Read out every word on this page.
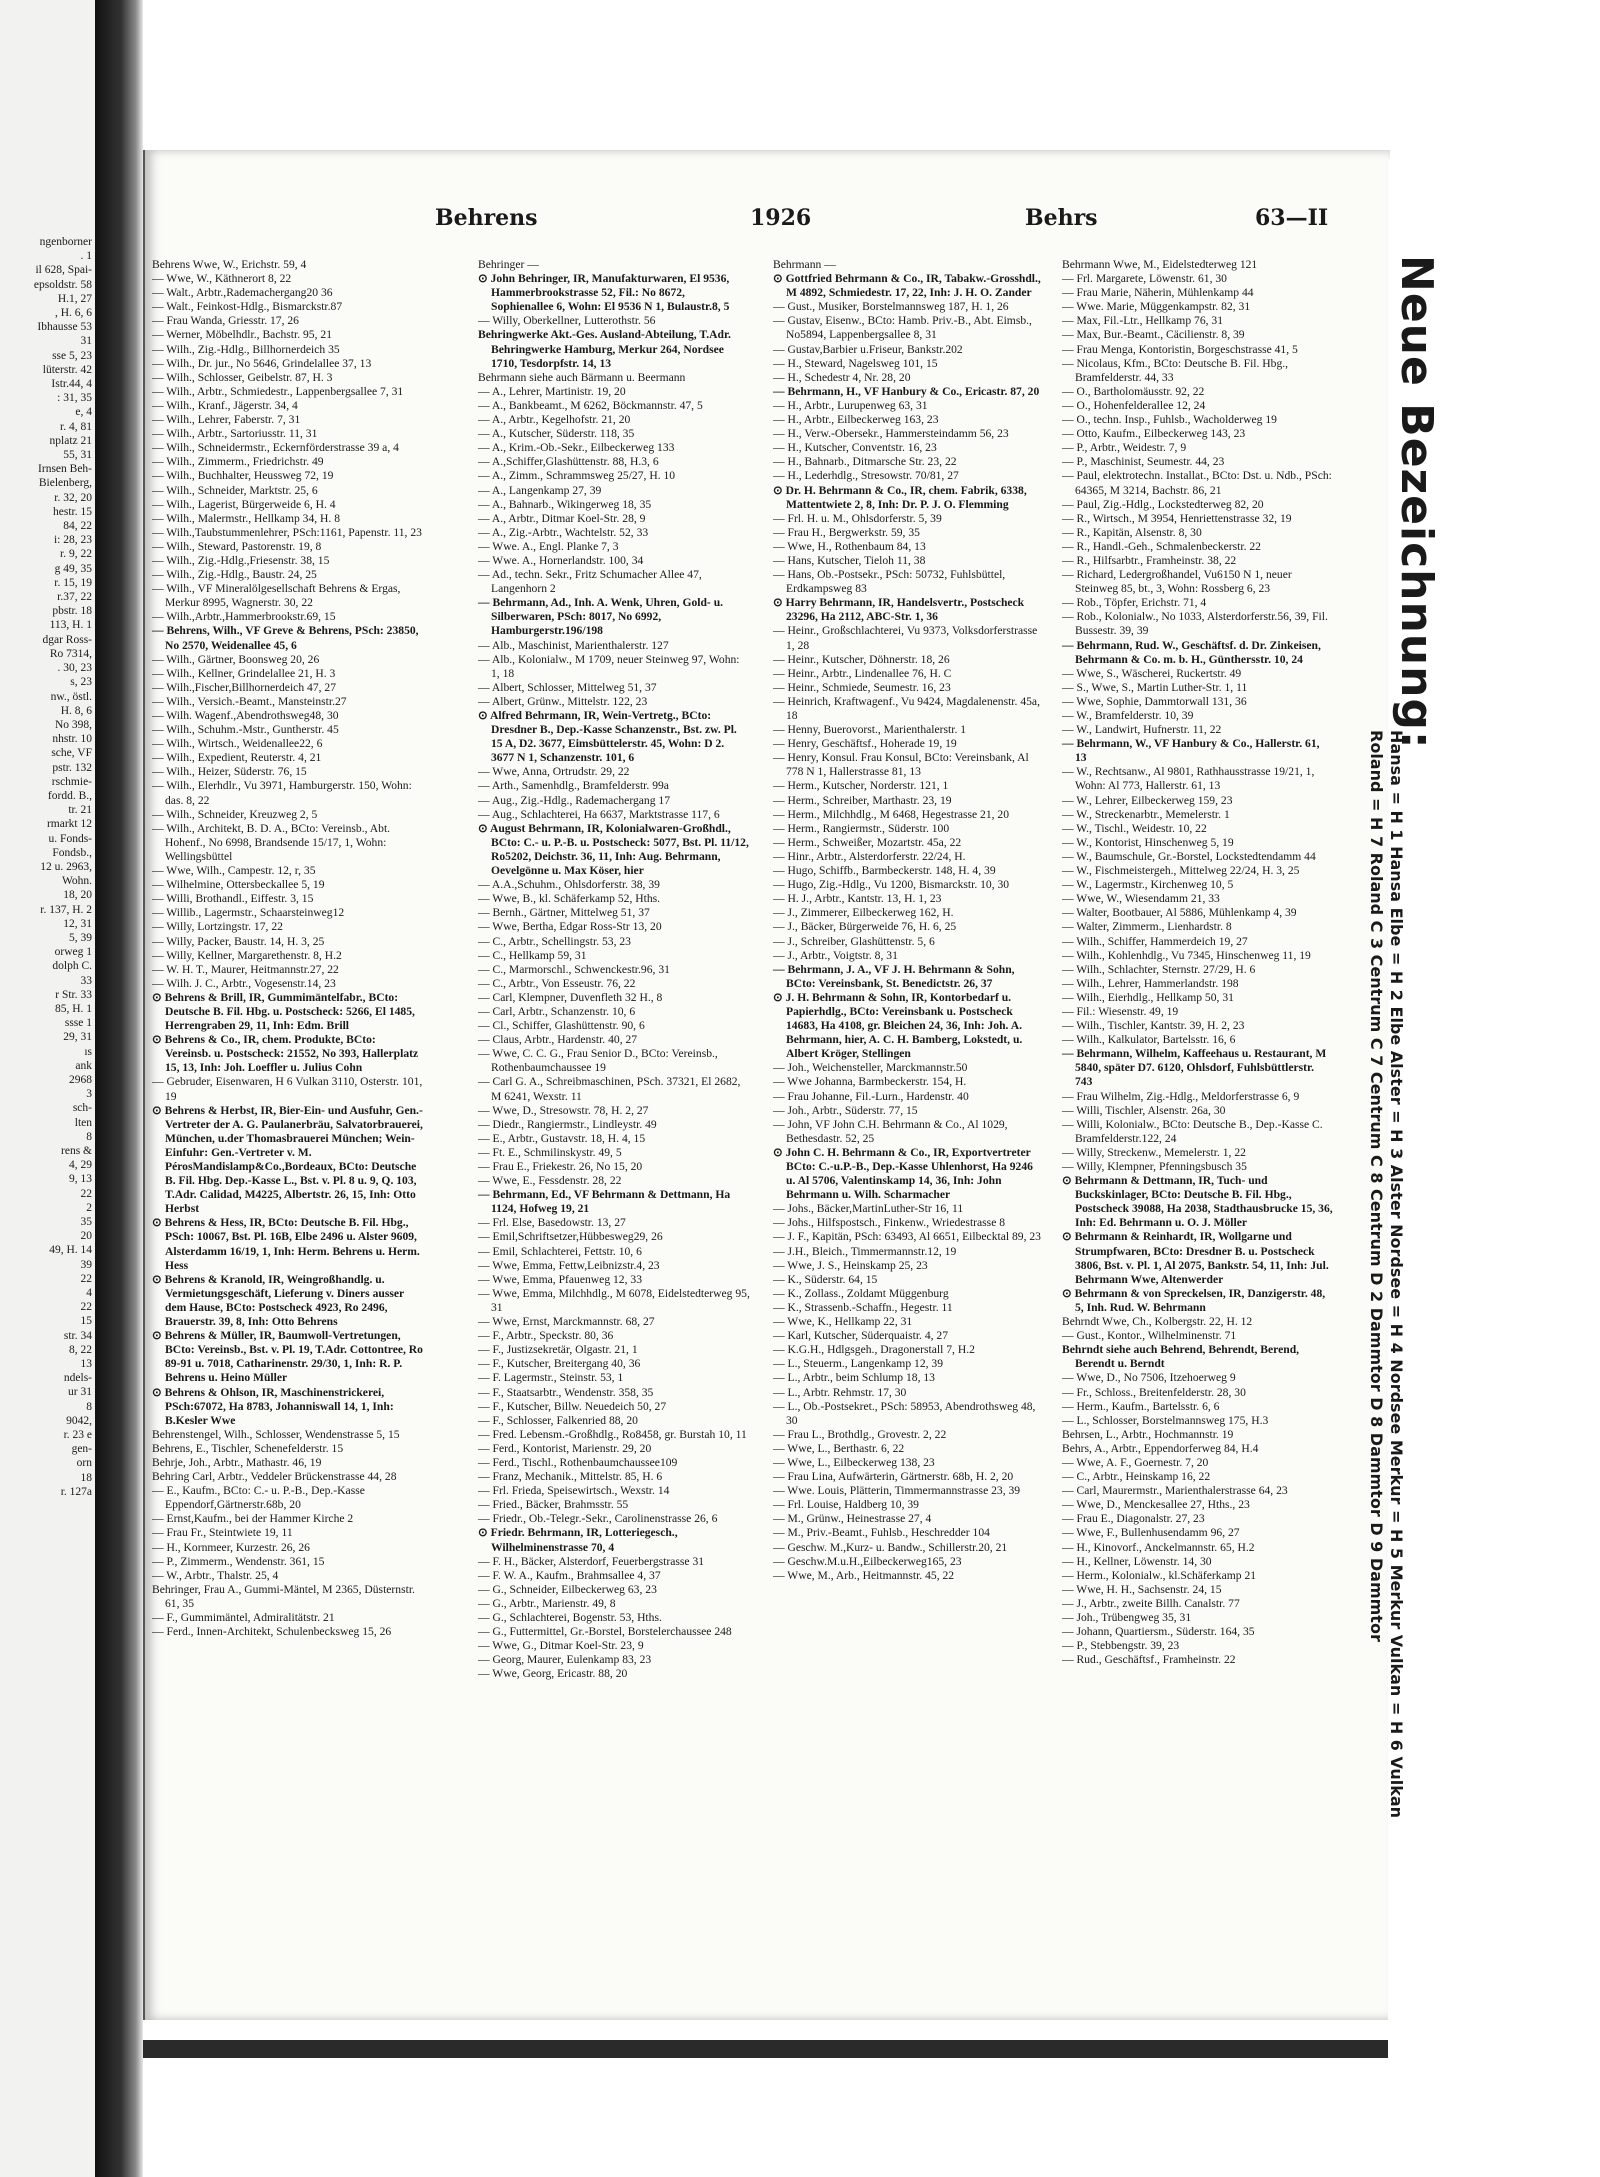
ngenborner
. 1
il 628, Spai-
epsoldstr. 58
H.1, 27
, H. 6, 6
Ibhausse 53
31
sse 5, 23
lüterstr. 42
Istr.44, 4
: 31, 35
e, 4
r. 4, 81
nplatz 21
55, 31
Irnsen Beh-
Bielenberg,
r. 32, 20
hestr. 15
84, 22
i: 28, 23
r. 9, 22
g 49, 35
r. 15, 19
r.37, 22
pbstr. 18
113, H. 1
dgar Ross-
Ro 7314,
. 30, 23
s, 23
nw., östl.
H. 8, 6
No 398,
nhstr. 10
sche, VF
pstr. 132
rschmie-
fordd. B.,
tr. 21
rmarkt 12
u. Fonds-
Fondsb.,
12 u. 2963,
Wohn.
18, 20
r. 137, H. 2
12, 31
5, 39
orweg 1
dolph C.
33
r Str. 33
85, H. 1
ssse 1
29, 31
ıs
ank
2968
3
sch-
lten
8
rens &
4, 29
9, 13
22
2
35
20
49, H. 14
39
22
4
22
15
str. 34
8, 22
13
ndels-
ur 31
8
9042,
r. 23 e
gen-
orn
18
r. 127a
Behrens	1926	Behrs	63—II
Behrens Wwe, W., Erichstr. 59, 4
— Wwe, W., Käthnerort 8, 22
— Walt., Arbtr.,Rademachergang20 36
— Walt., Feinkost-Hdlg., Bismarckstr.87
— Frau Wanda, Griesstr. 17, 26
— Werner, Möbelhdlr., Bachstr. 95, 21
— Wilh., Zig.-Hdlg., Billhornerdeich 35
— Wilh., Dr. jur., No 5646, Grindelallee 37, 13
— Wilh., Schlosser, Geibelstr. 87, H. 3
— Wilh., Arbtr., Schmiedestr., Lappenbergsallee 7, 31
— Wilh., Kranf., Jägerstr. 34, 4
— Wilh., Lehrer, Faberstr. 7, 31
— Wilh., Arbtr., Sartoriusstr. 11, 31
— Wilh., Schneidermstr., Eckernförderstrasse 39 a, 4
— Wilh., Zimmerm., Friedrichstr. 49
— Wilh., Buchhalter, Heussweg 72, 19
— Wilh., Schneider, Marktstr. 25, 6
— Wilh., Lagerist, Bürgerweide 6, H. 4
— Wilh., Malermstr., Hellkamp 34, H. 8
— Wilh.,Taubstummenlehrer, PSch:1161, Papenstr. 11, 23
— Wilh., Steward, Pastorenstr. 19, 8
— Wilh., Zig.-Hdlg.,Friesenstr. 38, 15
— Wilh., Zig.-Hdlg., Baustr. 24, 25
— Wilh., VF Mineralölgesellschaft Behrens & Ergas, Merkur 8995, Wagnerstr. 30, 22
— Wilh.,Arbtr.,Hammerbrookstr.69, 15
— Behrens, Wilh., VF Greve & Behrens, PSch: 23850, No 2570, Weidenallee 45, 6
— Wilh., Gärtner, Boonsweg 20, 26
— Wilh., Kellner, Grindelallee 21, H. 3
— Wilh.,Fischer,Billhornerdeich 47, 27
— Wilh., Versich.-Beamt., Mansteinstr.27
— Wilh. Wagenf.,Abendrothsweg48, 30
— Wilh., Schuhm.-Mstr., Guntherstr. 45
— Wilh., Wirtsch., Weidenallee22, 6
— Wilh., Expedient, Reuterstr. 4, 21
— Wilh., Heizer, Süderstr. 76, 15
— Wilh., Elerhdlr., Vu 3971, Hamburgerstr. 150, Wohn: das. 8, 22
— Wilh., Schneider, Kreuzweg 2, 5
— Wilh., Architekt, B. D. A., BCto: Vereinsb., Abt. Hohenf., No 6998, Brandsende 15/17, 1, Wohn: Wellingsbüttel
— Wwe, Wilh., Campestr. 12, r, 35
— Wilhelmine, Ottersbeckallee 5, 19
— Willi, Brothandl., Eiffestr. 3, 15
— Willib., Lagermstr., Schaarsteinweg12
— Willy, Lortzingstr. 17, 22
— Willy, Packer, Baustr. 14, H. 3, 25
— Willy, Kellner, Margarethenstr. 8, H.2
— W. H. T., Maurer, Heitmannstr.27, 22
— Wilh. J. C., Arbtr., Vogesenstr.14, 23
⊙ Behrens & Brill, IR, Gummimäntelfabr., BCto: Deutsche B. Fil. Hbg. u. Postscheck: 5266, El 1485, Herrengraben 29, 11, Inh: Edm. Brill
⊙ Behrens & Co., IR, chem. Produkte, BCto: Vereinsb. u. Postscheck: 21552, No 393, Hallerplatz 15, 13, Inh: Joh. Loeffler u. Julius Cohn
— Gebruder, Eisenwaren, H 6 Vulkan 3110, Osterstr. 101, 19
⊙ Behrens & Herbst, IR, Bier-Ein- und Ausfuhr, Gen.-Vertreter der A. G. Paulanerbräu, Salvatorbrauerei, München, u.der Thomasbrauerei München; Wein-Einfuhr: Gen.-Vertreter v. M. PérosMandislamp&Co.,Bordeaux, BCto: Deutsche B. Fil. Hbg. Dep.-Kasse L., Bst. v. Pl. 8 u. 9, Q. 103, T.Adr. Calidad, M4225, Albertstr. 26, 15, Inh: Otto Herbst
⊙ Behrens & Hess, IR, BCto: Deutsche B. Fil. Hbg., PSch: 10067, Bst. Pl. 16B, Elbe 2496 u. Alster 9609, Alsterdamm 16/19, 1, Inh: Herm. Behrens u. Herm. Hess
⊙ Behrens & Kranold, IR, Weingroßhandlg. u. Vermietungsgeschäft, Lieferung v. Diners ausser dem Hause, BCto: Postscheck 4923, Ro 2496, Brauerstr. 39, 8, Inh: Otto Behrens
⊙ Behrens & Müller, IR, Baumwoll-Vertretungen, BCto: Vereinsb., Bst. v. Pl. 19, T.Adr. Cottontree, Ro 89-91 u. 7018, Catharinenstr. 29/30, 1, Inh: R. P. Behrens u. Heino Müller
⊙ Behrens & Ohlson, IR, Maschinenstrickerei, PSch:67072, Ha 8783, Johanniswall 14, 1, Inh: B.Kesler Wwe
Behrenstengel, Wilh., Schlosser, Wendenstrasse 5, 15
Behrens, E., Tischler, Schenefelderstr. 15
Behrje, Joh., Arbtr., Mathastr. 46, 19
Behring Carl, Arbtr., Veddeler Brückenstrasse 44, 28
— E., Kaufm., BCto: C.- u. P.-B., Dep.-Kasse Eppendorf,Gärtnerstr.68b, 20
— Ernst,Kaufm., bei der Hammer Kirche 2
— Frau Fr., Steintwiete 19, 11
— H., Kornmeer, Kurzestr. 26, 26
— P., Zimmerm., Wendenstr. 361, 15
— W., Arbtr., Thalstr. 25, 4
Behringer, Frau A., Gummi-Mäntel, M 2365, Düsternstr. 61, 35
— F., Gummimäntel, Admiralitätstr. 21
— Ferd., Innen-Architekt, Schulenbecksweg 15, 26
Behringer —
⊙ John Behringer, IR, Manufakturwaren, El 9536, Hammerbrookstrasse 52, Fil.: No 8672, Sophienallee 6, Wohn: El 9536 N 1, Bulaustr.8, 5
— Willy, Oberkellner, Lutterothstr. 56
Behringwerke Akt.-Ges. Ausland-Abteilung, T.Adr. Behringwerke Hamburg, Merkur 264, Nordsee 1710, Tesdorpfstr. 14, 13
Behrmann siehe auch Bärmann u. Beermann
— A., Lehrer, Martinistr. 19, 20
— A., Bankbeamt., M 6262, Böckmannstr. 47, 5
— A., Arbtr., Kegelhofstr. 21, 20
— A., Kutscher, Süderstr. 118, 35
— A., Krim.-Ob.-Sekr., Eilbeckerweg 133
— A.,Schiffer,Glashüttenstr. 88, H.3, 6
— A., Zimm., Schrammsweg 25/27, H. 10
— A., Langenkamp 27, 39
— A., Bahnarb., Wikingerweg 18, 35
— A., Arbtr., Ditmar Koel-Str. 28, 9
— A., Zig.-Arbtr., Wachtelstr. 52, 33
— Wwe. A., Engl. Planke 7, 3
— Wwe. A., Hornerlandstr. 100, 34
— Ad., techn. Sekr., Fritz Schumacher Allee 47, Langenhorn 2
— Behrmann, Ad., Inh. A. Wenk, Uhren, Gold- u. Silberwaren, PSch: 8017, No 6992, Hamburgerstr.196/198
— Alb., Maschinist, Marienthalerstr. 127
— Alb., Kolonialw., M 1709, neuer Steinweg 97, Wohn: 1, 18
— Albert, Schlosser, Mittelweg 51, 37
— Albert, Grünw., Mittelstr. 122, 23
⊙ Alfred Behrmann, IR, Wein-Vertretg., BCto: Dresdner B., Dep.-Kasse Schanzenstr., Bst. zw. Pl. 15 A, D2. 3677, Eimsbüttelerstr. 45, Wohn: D 2. 3677 N 1, Schanzenstr. 101, 6
— Wwe, Anna, Ortrudstr. 29, 22
— Arth., Samenhdlg., Bramfelderstr. 99a
— Aug., Zig.-Hdlg., Rademachergang 17
— Aug., Schlachterei, Ha 6637, Marktstrasse 117, 6
⊙ August Behrmann, IR, Kolonialwaren-Großhdl., BCto: C.- u. P.-B. u. Postscheck: 5077, Bst. Pl. 11/12, Ro5202, Deichstr. 36, 11, Inh: Aug. Behrmann, Oevelgönne u. Max Köser, hier
— A.A.,Schuhm., Ohlsdorferstr. 38, 39
— Wwe, B., kl. Schäferkamp 52, Hths.
— Bernh., Gärtner, Mittelweg 51, 37
— Wwe, Bertha, Edgar Ross-Str 13, 20
— C., Arbtr., Schellingstr. 53, 23
— C., Hellkamp 59, 31
— C., Marmorschl., Schwenckestr.96, 31
— C., Arbtr., Von Esseustr. 76, 22
— Carl, Klempner, Duvenfleth 32 H., 8
— Carl, Arbtr., Schanzenstr. 10, 6
— Cl., Schiffer, Glashüttenstr. 90, 6
— Claus, Arbtr., Hardenstr. 40, 27
— Wwe, C. C. G., Frau Senior D., BCto: Vereinsb., Rothenbaumchaussee 19
— Carl G. A., Schreibmaschinen, PSch. 37321, El 2682, M 6241, Wexstr. 11
— Wwe, D., Stresowstr. 78, H. 2, 27
— Diedr., Rangiermstr., Lindleystr. 49
— E., Arbtr., Gustavstr. 18, H. 4, 15
— Ft. E., Schmilinskystr. 49, 5
— Frau E., Friekestr. 26, No 15, 20
— Wwe, E., Fessdenstr. 28, 22
— Behrmann, Ed., VF Behrmann & Dettmann, Ha 1124, Hofweg 19, 21
— Frl. Else, Basedowstr. 13, 27
— Emil,Schriftsetzer,Hübbesweg29, 26
— Emil, Schlachterei, Fettstr. 10, 6
— Wwe, Emma, Fettw,Leibnizstr.4, 23
— Wwe, Emma, Pfauenweg 12, 33
— Wwe, Emma, Milchhdlg., M 6078, Eidelstedterweg 95, 31
— Wwe, Ernst, Marckmannstr. 68, 27
— F., Arbtr., Speckstr. 80, 36
— F., Justizsekretär, Olgastr. 21, 1
— F., Kutscher, Breitergang 40, 36
— F. Lagermstr., Steinstr. 53, 1
— F., Staatsarbtr., Wendenstr. 358, 35
— F., Kutscher, Billw. Neuedeich 50, 27
— F., Schlosser, Falkenried 88, 20
— Fred. Lebensm.-Großhdlg., Ro8458, gr. Burstah 10, 11
— Ferd., Kontorist, Marienstr. 29, 20
— Ferd., Tischl., Rothenbaumchaussee109
— Franz, Mechanik., Mittelstr. 85, H. 6
— Frl. Frieda, Speisewirtsch., Wexstr. 14
— Fried., Bäcker, Brahmsstr. 55
— Friedr., Ob.-Telegr.-Sekr., Carolinenstrasse 26, 6
⊙ Friedr. Behrmann, IR, Lotteriegesch., Wilhelminenstrasse 70, 4
— F. H., Bäcker, Alsterdorf, Feuerbergstrasse 31
— F. W. A., Kaufm., Brahmsallee 4, 37
— G., Schneider, Eilbeckerweg 63, 23
— G., Arbtr., Marienstr. 49, 8
— G., Schlachterei, Bogenstr. 53, Hths.
— G., Futtermittel, Gr.-Borstel, Borstelerchaussee 248
— Wwe, G., Ditmar Koel-Str. 23, 9
— Georg, Maurer, Eulenkamp 83, 23
— Wwe, Georg, Ericastr. 88, 20
Behrmann —
⊙ Gottfried Behrmann & Co., IR, Tabakw.-Grosshdl., M 4892, Schmiedestr. 17, 22, Inh: J. H. O. Zander
— Gust., Musiker, Borstelmannsweg 187, H. 1, 26
— Gustav, Eisenw., BCto: Hamb. Priv.-B., Abt. Eimsb., No5894, Lappenbergsallee 8, 31
— Gustav,Barbier u.Friseur, Bankstr.202
— H., Steward, Nagelsweg 101, 15
— H., Schedestr 4, Nr. 28, 20
— Behrmann, H., VF Hanbury & Co., Ericastr. 87, 20
— H., Arbtr., Lurupenweg 63, 31
— H., Arbtr., Eilbeckerweg 163, 23
— H., Verw.-Obersekr., Hammersteindamm 56, 23
— H., Kutscher, Conventstr. 16, 23
— H., Bahnarb., Ditmarsche Str. 23, 22
— H., Lederhdlg., Stresowstr. 70/81, 27
⊙ Dr. H. Behrmann & Co., IR, chem. Fabrik, 6338, Mattentwiete 2, 8, Inh: Dr. P. J. O. Flemming
— Frl. H. u. M., Ohlsdorferstr. 5, 39
— Frau H., Bergwerkstr. 59, 35
— Wwe, H., Rothenbaum 84, 13
— Hans, Kutscher, Tieloh 11, 38
— Hans, Ob.-Postsekr., PSch: 50732, Fuhlsbüttel, Erdkampsweg 83
⊙ Harry Behrmann, IR, Handelsvertr., Postscheck 23296, Ha 2112, ABC-Str. 1, 36
— Heinr., Großschlachterei, Vu 9373, Volksdorferstrasse 1, 28
— Heinr., Kutscher, Döhnerstr. 18, 26
— Heinr., Arbtr., Lindenallee 76, H. C
— Heinr., Schmiede, Seumestr. 16, 23
— Heinrich, Kraftwagenf., Vu 9424, Magdalenenstr. 45a, 18
— Henny, Buerovorst., Marienthalerstr. 1
— Henry, Geschäftsf., Hoherade 19, 19
— Henry, Konsul. Frau Konsul, BCto: Vereinsbank, Al 778 N 1, Hallerstrasse 81, 13
— Herm., Kutscher, Norderstr. 121, 1
— Herm., Schreiber, Marthastr. 23, 19
— Herm., Milchhdlg., M 6468, Hegestrasse 21, 20
— Herm., Rangiermstr., Süderstr. 100
— Herm., Schweißer, Mozartstr. 45a, 22
— Hinr., Arbtr., Alsterdorferstr. 22/24, H.
— Hugo, Schiffb., Barmbeckerstr. 148, H. 4, 39
— Hugo, Zig.-Hdlg., Vu 1200, Bismarckstr. 10, 30
— H. J., Arbtr., Kantstr. 13, H. 1, 23
— J., Zimmerer, Eilbeckerweg 162, H.
— J., Bäcker, Bürgerweide 76, H. 6, 25
— J., Schreiber, Glashüttenstr. 5, 6
— J., Arbtr., Voigtstr. 8, 31
— Behrmann, J. A., VF J. H. Behrmann & Sohn, BCto: Vereinsbank, St. Benedictstr. 26, 37
⊙ J. H. Behrmann & Sohn, IR, Kontorbedarf u. Papierhdlg., BCto: Vereinsbank u. Postscheck 14683, Ha 4108, gr. Bleichen 24, 36, Inh: Joh. A. Behrmann, hier, A. C. H. Bamberg, Lokstedt, u. Albert Kröger, Stellingen
— Joh., Weichensteller, Marckmannstr.50
— Wwe Johanna, Barmbeckerstr. 154, H.
— Frau Johanne, Fil.-Lurn., Hardenstr. 40
— Joh., Arbtr., Süderstr. 77, 15
— John, VF John C.H. Behrmann & Co., Al 1029, Bethesdastr. 52, 25
⊙ John C. H. Behrmann & Co., IR, Exportvertreter BCto: C.-u.P.-B., Dep.-Kasse Uhlenhorst, Ha 9246 u. Al 5706, Valentinskamp 14, 36, Inh: John Behrmann u. Wilh. Scharmacher
— Johs., Bäcker,MartinLuther-Str 16, 11
— Johs., Hilfspostsch., Finkenw., Wriedestrasse 8
— J. F., Kapitän, PSch: 63493, Al 6651, Eilbecktal 89, 23
— J.H., Bleich., Timmermannstr.12, 19
— Wwe, J. S., Heinskamp 25, 23
— K., Süderstr. 64, 15
— K., Zollass., Zoldamt Müggenburg
— K., Strassenb.-Schaffn., Hegestr. 11
— Wwe, K., Hellkamp 22, 31
— Karl, Kutscher, Süderquaistr. 4, 27
— K.G.H., Hdlgsgeh., Dragonerstall 7, H.2
— L., Steuerm., Langenkamp 12, 39
— L., Arbtr., beim Schlump 18, 13
— L., Arbtr. Rehmstr. 17, 30
— L., Ob.-Postsekret., PSch: 58953, Abendrothsweg 48, 30
— Frau L., Brothdlg., Grovestr. 2, 22
— Wwe, L., Berthastr. 6, 22
— Wwe, L., Eilbeckerweg 138, 23
— Frau Lina, Aufwärterin, Gärtnerstr. 68b, H. 2, 20
— Wwe. Louis, Plätterin, Timmermannstrasse 23, 39
— Frl. Louise, Haldberg 10, 39
— M., Grünw., Heinestrasse 27, 4
— M., Priv.-Beamt., Fuhlsb., Heschredder 104
— Geschw. M.,Kurz- u. Bandw., Schillerstr.20, 21
— Geschw.M.u.H.,Eilbeckerweg165, 23
— Wwe, M., Arb., Heitmannstr. 45, 22
Behrmann Wwe, M., Eidelstedterweg 121
— Frl. Margarete, Löwenstr. 61, 30
— Frau Marie, Näherin, Mühlenkamp 44
— Wwe. Marie, Müggenkampstr. 82, 31
— Max, Fil.-Ltr., Hellkamp 76, 31
— Max, Bur.-Beamt., Cäcilienstr. 8, 39
— Frau Menga, Kontoristin, Borgeschstrasse 41, 5
— Nicolaus, Kfm., BCto: Deutsche B. Fil. Hbg., Bramfelderstr. 44, 33
— O., Bartholomäusstr. 92, 22
— O., Hohenfelderallee 12, 24
— O., techn. Insp., Fuhlsb., Wacholderweg 19
— Otto, Kaufm., Eilbeckerweg 143, 23
— P., Arbtr., Weidestr. 7, 9
— P., Maschinist, Seumestr. 44, 23
— Paul, elektrotechn. Installat., BCto: Dst. u. Ndb., PSch: 64365, M 3214, Bachstr. 86, 21
— Paul, Zig.-Hdlg., Lockstedterweg 82, 20
— R., Wirtsch., M 3954, Henriettenstrasse 32, 19
— R., Kapitän, Alsenstr. 8, 30
— R., Handl.-Geh., Schmalenbeckerstr. 22
— R., Hilfsarbtr., Framheinstr. 38, 22
— Richard, Ledergroßhandel, Vu6150 N 1, neuer Steinweg 85, bt., 3, Wohn: Rossberg 6, 23
— Rob., Töpfer, Erichstr. 71, 4
— Rob., Kolonialw., No 1033, Alsterdorferstr.56, 39, Fil. Bussestr. 39, 39
— Behrmann, Rud. W., Geschäftsf. d. Dr. Zinkeisen, Behrmann & Co. m. b. H., Günthersstr. 10, 24
— Wwe, S., Wäscherei, Ruckertstr. 49
— S., Wwe, S., Martin Luther-Str. 1, 11
— Wwe, Sophie, Dammtorwall 131, 36
— W., Bramfelderstr. 10, 39
— W., Landwirt, Hufnerstr. 11, 22
— Behrmann, W., VF Hanbury & Co., Hallerstr. 61, 13
— W., Rechtsanw., Al 9801, Rathhausstrasse 19/21, 1, Wohn: Al 773, Hallerstr. 61, 13
— W., Lehrer, Eilbeckerweg 159, 23
— W., Streckenarbtr., Memelerstr. 1
— W., Tischl., Weidestr. 10, 22
— W., Kontorist, Hinschenweg 5, 19
— W., Baumschule, Gr.-Borstel, Lockstedtendamm 44
— W., Fischmeistergeh., Mittelweg 22/24, H. 3, 25
— W., Lagermstr., Kirchenweg 10, 5
— Wwe, W., Wiesendamm 21, 33
— Walter, Bootbauer, Al 5886, Mühlenkamp 4, 39
— Walter, Zimmerm., Lienhardstr. 8
— Wilh., Schiffer, Hammerdeich 19, 27
— Wilh., Kohlenhdlg., Vu 7345, Hinschenweg 11, 19
— Wilh., Schlachter, Sternstr. 27/29, H. 6
— Wilh., Lehrer, Hammerlandstr. 198
— Wilh., Eierhdlg., Hellkamp 50, 31
— Fil.: Wiesenstr. 49, 19
— Wilh., Tischler, Kantstr. 39, H. 2, 23
— Wilh., Kalkulator, Bartelsstr. 16, 6
— Behrmann, Wilhelm, Kaffeehaus u. Restaurant, M 5840, später D7. 6120, Ohlsdorf, Fuhlsbüttlerstr. 743
— Frau Wilhelm, Zig.-Hdlg., Meldorferstrasse 6, 9
— Willi, Tischler, Alsenstr. 26a, 30
— Willi, Kolonialw., BCto: Deutsche B., Dep.-Kasse C. Bramfelderstr.122, 24
— Willy, Streckenw., Memelerstr. 1, 22
— Willy, Klempner, Pfenningsbusch 35
⊙ Behrmann & Dettmann, IR, Tuch- und Buckskinlager, BCto: Deutsche B. Fil. Hbg., Postscheck 39088, Ha 2038, Stadthausbrucke 15, 36, Inh: Ed. Behrmann u. O. J. Möller
⊙ Behrmann & Reinhardt, IR, Wollgarne und Strumpfwaren, BCto: Dresdner B. u. Postscheck 3806, Bst. v. Pl. 1, Al 2075, Bankstr. 54, 11, Inh: Jul. Behrmann Wwe, Altenwerder
⊙ Behrmann & von Spreckelsen, IR, Danzigerstr. 48, 5, Inh. Rud. W. Behrmann
Behrndt Wwe, Ch., Kolbergstr. 22, H. 12
— Gust., Kontor., Wilhelminenstr. 71
Behrndt siehe auch Behrend, Behrendt, Berend, Berendt u. Berndt
— Wwe, D., No 7506, Itzehoerweg 9
— Fr., Schloss., Breitenfelderstr. 28, 30
— Herm., Kaufm., Bartelsstr. 6, 6
— L., Schlosser, Borstelmannsweg 175, H.3
Behrsen, L., Arbtr., Hochmannstr. 19
Behrs, A., Arbtr., Eppendorferweg 84, H.4
— Wwe, A. F., Goernestr. 7, 20
— C., Arbtr., Heinskamp 16, 22
— Carl, Maurermstr., Marienthalerstrasse 64, 23
— Wwe, D., Menckesallee 27, Hths., 23
— Frau E., Diagonalstr. 27, 23
— Wwe, F., Bullenhusendamm 96, 27
— H., Kinovorf., Anckelmannstr. 65, H.2
— H., Kellner, Löwenstr. 14, 30
— Herm., Kolonialw., kl.Schäferkamp 21
— Wwe, H. H., Sachsenstr. 24, 15
— J., Arbtr., zweite Billh. Canalstr. 77
— Joh., Trübengweg 35, 31
— Johann, Quartiersm., Süderstr. 164, 35
— P., Stebbengstr. 39, 23
— Rud., Geschäftsf., Framheinstr. 22
Neue Bezeichnung:
Hansa = H 1 Hansa Elbe = H 2 Elbe Alster = H 3 Alster Nordsee = H 4 Nordsee Merkur = H 5 Merkur Vulkan = H 6 Vulkan
Roland = H 7 Roland C 3 Centrum C 7 Centrum C 8 Centrum D 2 Dammtor D 8 Dammtor D 9 Dammtor
